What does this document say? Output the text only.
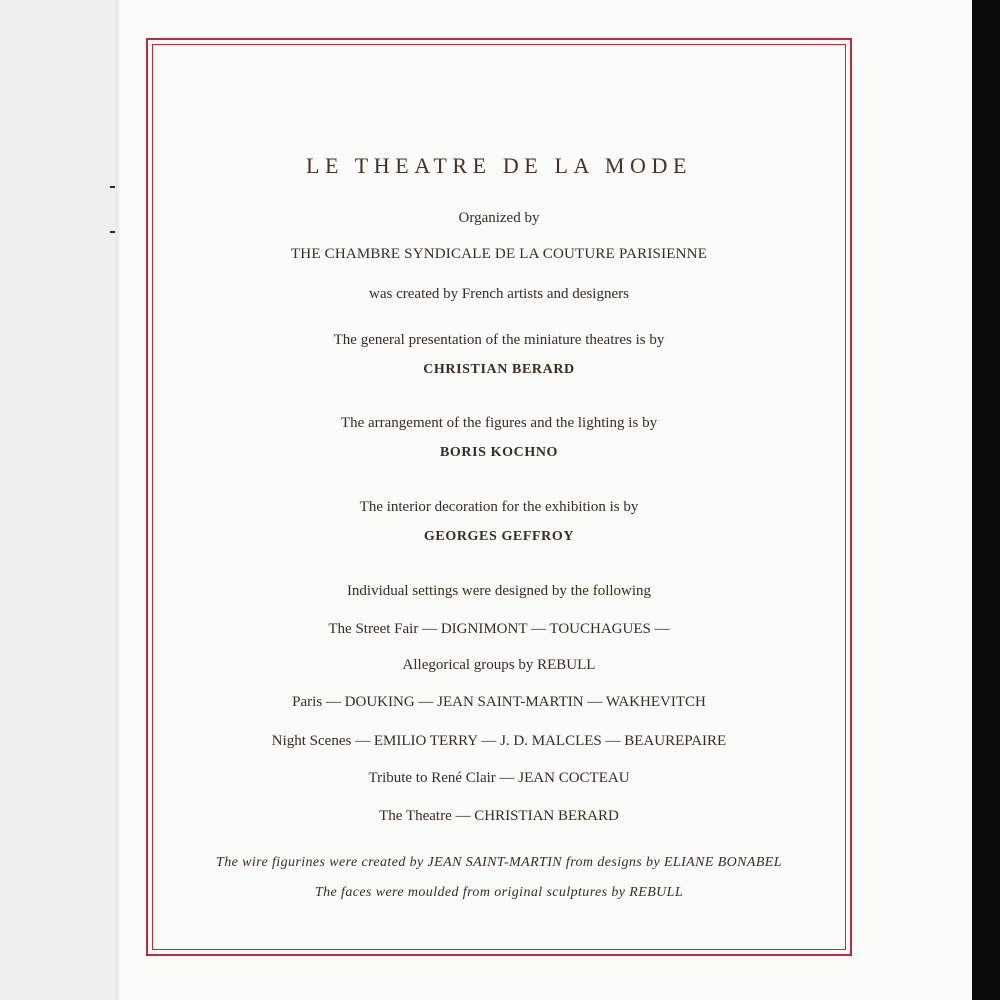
LE THEATRE DE LA MODE
Organized by
THE CHAMBRE SYNDICALE DE LA COUTURE PARISIENNE
was created by French artists and designers
The general presentation of the miniature theatres is by
CHRISTIAN BERARD
The arrangement of the figures and the lighting is by
BORIS KOCHNO
The interior decoration for the exhibition is by
GEORGES GEFFROY
Individual settings were designed by the following
The Street Fair — DIGNIMONT — TOUCHAGUES —
Allegorical groups by REBULL
Paris — DOUKING — JEAN SAINT-MARTIN — WAKHEVITCH
Night Scenes — EMILIO TERRY — J. D. MALCLES — BEAUREPAIRE
Tribute to René Clair — JEAN COCTEAU
The Theatre — CHRISTIAN BERARD
The wire figurines were created by JEAN SAINT-MARTIN from designs by ELIANE BONABEL
The faces were moulded from original sculptures by REBULL
